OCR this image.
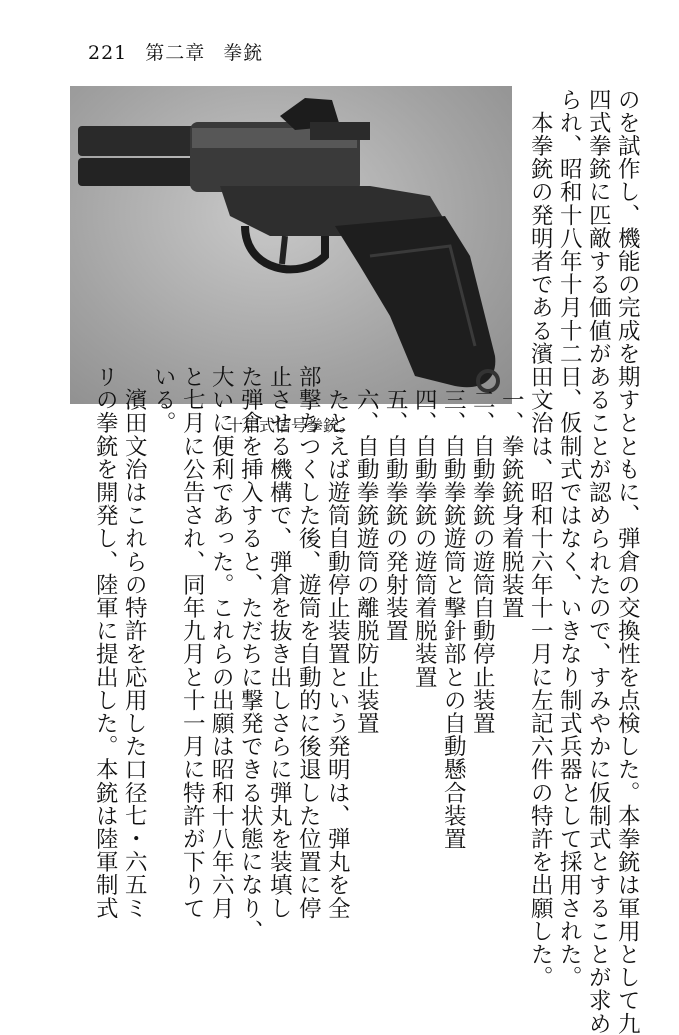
221 第二章 拳銃
十年式信号拳銃。	のを試作し、機能の完成を期すとともに、弾倉の交換性を点検した。本拳銃は軍用として九
四式拳銃に匹敵する価値があることが認められたので、すみやかに仮制式とすることが求め
られ、昭和十八年十月十二日、仮制式ではなく、いきなり制式兵器として採用された。
　本拳銃の発明者である濱田文治は、昭和十六年十一月に左記六件の特許を出願した。
　　　　　　　　　　　　　一、拳銃銃身着脱装置
　　　　　　　　　　　　　二、自動拳銃の遊筒自動停止装置
　　　　　　　　　　　　　三、自動拳銃遊筒と撃針部との自動懸合装置
　　　　　　　　　　　　　四、自動拳銃の遊筒着脱装置
　　　　　　　　　　　　　五、自動拳銃の発射装置
　　　　　　　　　　　　　六、自動拳銃遊筒の離脱防止装置
　　　　　　　　　　　　　たとえば遊筒自動停止装置という発明は、弾丸を全
　　　　　　　　　　　　部撃ちつくした後、遊筒を自動的に後退した位置に停
　　　　　　　　　　　　止させる機構で、弾倉を抜き出しさらに弾丸を装填し
　　　　　　　　　　　　た弾倉を挿入すると、ただちに撃発できる状態になり、
　　　　　　　　　　　　大いに便利であった。これらの出願は昭和十八年六月
　　　　　　　　　　　　と七月に公告され、同年九月と十一月に特許が下りて
　　　　　　　　　　　　いる。
　　　　　　　　　　　　　濱田文治はこれらの特許を応用した口径七・六五ミ
　　　　　　　　　　　　リの拳銃を開発し、陸軍に提出した。本銃は陸軍制式
